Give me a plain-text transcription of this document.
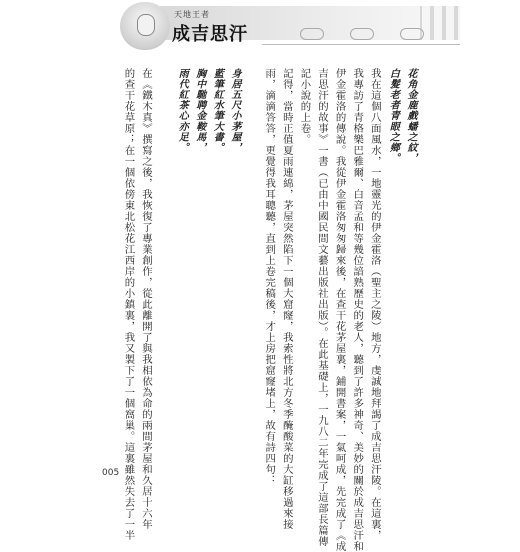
天地王者
成吉思汗
花角金鹿戲蟠之紋，
白髮老者青眼之鄉。
我在這個八面風水，一地靈光的伊金霍洛（聖主之陵）地方，虔誠地拜謁了成吉思汗陵。在這裏，
我專訪了青格樂巴雅爾、白音孟和等幾位諳熟歷史的老人，聽到了許多神奇、美妙的關於成吉思汗和
伊金霍洛的傳說。我從伊金霍洛匆匆歸來後，在查干花茅屋裏，鋪開書案，一氣呵成，先完成了《成
吉思汗的故事》一書（已由中國民間文藝出版社出版）。在此基礎上，一九八二年完成了這部長篇傳
記小說的上卷。
記得，當時正值夏雨連綿，茅屋突然陷下一個大窟窿，我索性將北方冬季醃酸菜的大缸移過來接
雨，滴滴答答，更覺得我耳聰聽，直到上卷完稿後，才上房把窟窿堵上，故有詩四句：
身居五尺小茅屋，
藍筆紅水筆大書。
胸中馳聘金鞍馬，
雨代紅茶心亦足。
在《鐵木真》撰寫之後，我恢復了專業創作，從此離開了與我相依為命的兩間茅屋和久居十六年
的查干花草原；在一個依傍東北松花江西岸的小鎮裏，我又製下了一個窩巢。這裏雖然失去了一半
005
